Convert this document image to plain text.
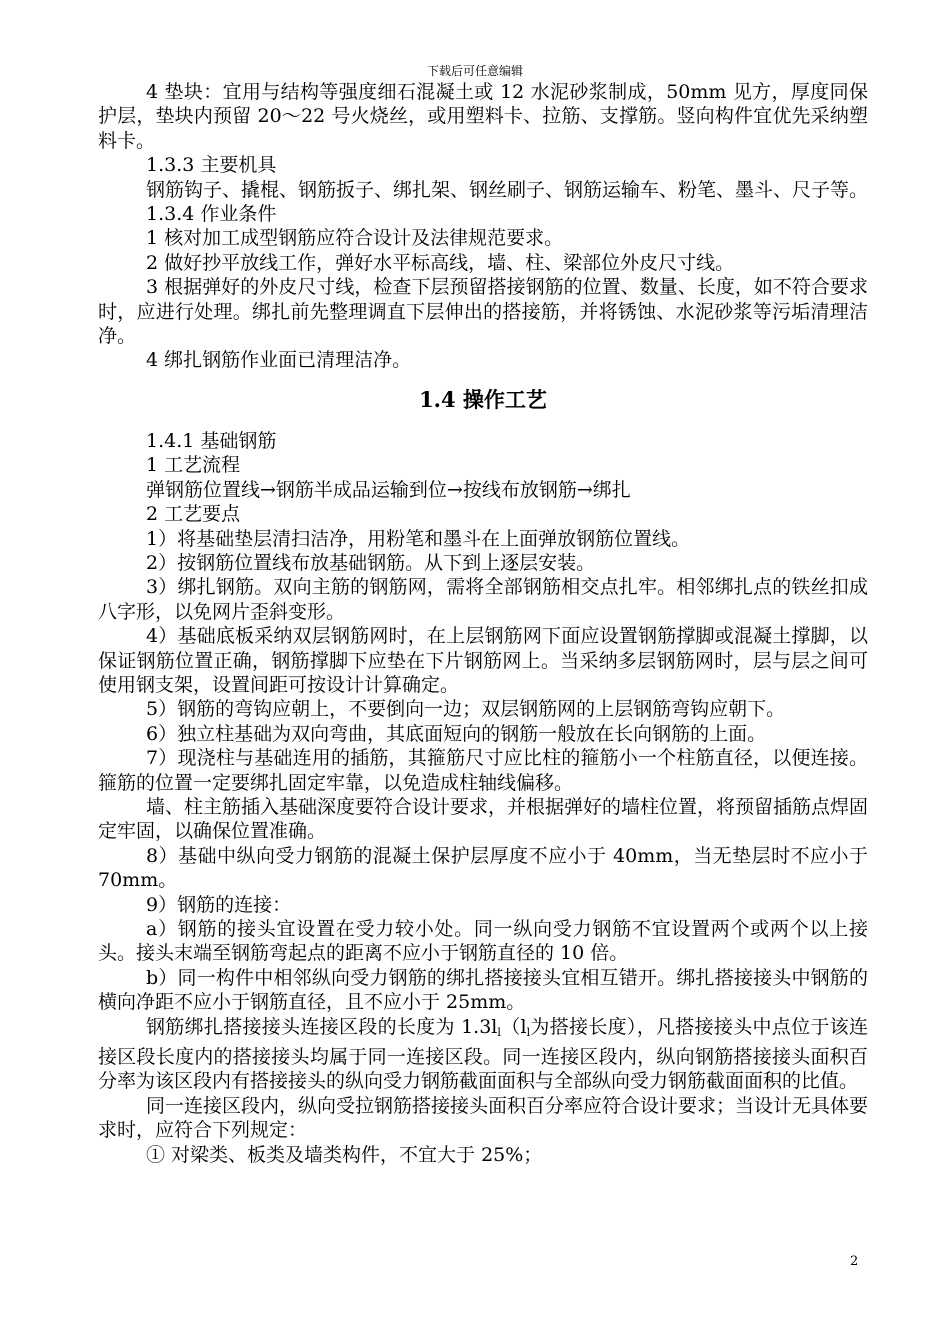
下载后可任意编辑

4 垫块：宜用与结构等强度细石混凝土或 12 水泥砂浆制成，50mm 见方，厚度同保护层，垫块内预留 20～22 号火烧丝，或用塑料卡、拉筋、支撑筋。竖向构件宜优先采纳塑料卡。

1.3.3 主要机具

钢筋钩子、撬棍、钢筋扳子、绑扎架、钢丝刷子、钢筋运输车、粉笔、墨斗、尺子等。

1.3.4 作业条件

1 核对加工成型钢筋应符合设计及法律规范要求。

2 做好抄平放线工作，弹好水平标高线，墙、柱、梁部位外皮尺寸线。

3 根据弹好的外皮尺寸线，检查下层预留搭接钢筋的位置、数量、长度，如不符合要求时，应进行处理。绑扎前先整理调直下层伸出的搭接筋，并将锈蚀、水泥砂浆等污垢清理洁净。

4 绑扎钢筋作业面已清理洁净。

1.4 操作工艺

1.4.1 基础钢筋

1 工艺流程

弹钢筋位置线→钢筋半成品运输到位→按线布放钢筋→绑扎

2 工艺要点

1）将基础垫层清扫洁净，用粉笔和墨斗在上面弹放钢筋位置线。

2）按钢筋位置线布放基础钢筋。从下到上逐层安装。

3）绑扎钢筋。双向主筋的钢筋网，需将全部钢筋相交点扎牢。相邻绑扎点的铁丝扣成八字形，以免网片歪斜变形。

4）基础底板采纳双层钢筋网时，在上层钢筋网下面应设置钢筋撑脚或混凝土撑脚，以保证钢筋位置正确，钢筋撑脚下应垫在下片钢筋网上。当采纳多层钢筋网时，层与层之间可使用钢支架，设置间距可按设计计算确定。

5）钢筋的弯钩应朝上，不要倒向一边；双层钢筋网的上层钢筋弯钩应朝下。

6）独立柱基础为双向弯曲，其底面短向的钢筋一般放在长向钢筋的上面。

7）现浇柱与基础连用的插筋，其箍筋尺寸应比柱的箍筋小一个柱筋直径，以便连接。箍筋的位置一定要绑扎固定牢靠，以免造成柱轴线偏移。

墙、柱主筋插入基础深度要符合设计要求，并根据弹好的墙柱位置，将预留插筋点焊固定牢固，以确保位置准确。

8）基础中纵向受力钢筋的混凝土保护层厚度不应小于 40mm，当无垫层时不应小于 70mm。

9）钢筋的连接：

a）钢筋的接头宜设置在受力较小处。同一纵向受力钢筋不宜设置两个或两个以上接头。接头末端至钢筋弯起点的距离不应小于钢筋直径的 10 倍。

b）同一构件中相邻纵向受力钢筋的绑扎搭接接头宜相互错开。绑扎搭接接头中钢筋的横向净距不应小于钢筋直径，且不应小于 25mm。

钢筋绑扎搭接接头连接区段的长度为 $1.3l_l(l_l$为搭接长度），凡搭接接头中点位于该连接区段长度内的搭接接头均属于同一连接区段。同一连接区段内，纵向钢筋搭接接头面积百分率为该区段内有搭接接头的纵向受力钢筋截面面积与全部纵向受力钢筋截面面积的比值。

同一连接区段内，纵向受拉钢筋搭接接头面积百分率应符合设计要求；当设计无具体要求时，应符合下列规定：

① 对梁类、板类及墙类构件，不宜大于 25%；

2
